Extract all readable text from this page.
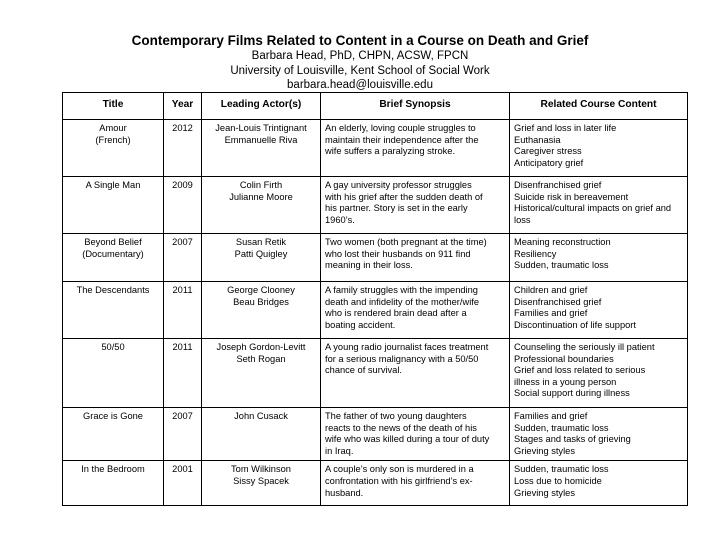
Contemporary Films Related to Content in a Course on Death and Grief

Barbara Head, PhD, CHPN, ACSW, FPCN

University of Louisville, Kent School of Social Work

barbara.head@louisville.edu

Title	Year	Leading Actor(s)	Brief Synopsis	Related Course Content

Amour
(French)	2012	Jean-Louis Trintignant
Emmanuelle Riva	An elderly, loving couple struggles to
maintain their independence after the
wife suffers a paralyzing stroke.	Grief and loss in later life
Euthanasia
Caregiver stress
Anticipatory grief

A Single Man	2009	Colin Firth
Julianne Moore	A gay university professor struggles
with his grief after the sudden death of
his partner. Story is set in the early
1960’s.	Disenfranchised grief
Suicide risk in bereavement
Historical/cultural impacts on grief and
loss

Beyond Belief
(Documentary)	2007	Susan Retik
Patti Quigley	Two women (both pregnant at the time)
who lost their husbands on 911 find
meaning in their loss.	Meaning reconstruction
Resiliency
Sudden, traumatic loss

The Descendants	2011	George Clooney
Beau Bridges	A family struggles with the impending
death and infidelity of the mother/wife
who is rendered brain dead after a
boating accident.	Children and grief
Disenfranchised grief
Families and grief
Discontinuation of life support

50/50	2011	Joseph Gordon-Levitt
Seth Rogan	A young radio journalist faces treatment
for a serious malignancy with a 50/50
chance of survival.	Counseling the seriously ill patient
Professional boundaries
Grief and loss related to serious
illness in a young person
Social support during illness

Grace is Gone	2007	John Cusack	The father of two young daughters
reacts to the news of the death of his
wife who was killed during a tour of duty
in Iraq.	Families and grief
Sudden, traumatic loss
Stages and tasks of grieving
Grieving styles

In the Bedroom	2001	Tom Wilkinson
Sissy Spacek	A couple’s only son is murdered in a
confrontation with his girlfriend’s ex-
husband.	Sudden, traumatic loss
Loss due to homicide
Grieving styles
